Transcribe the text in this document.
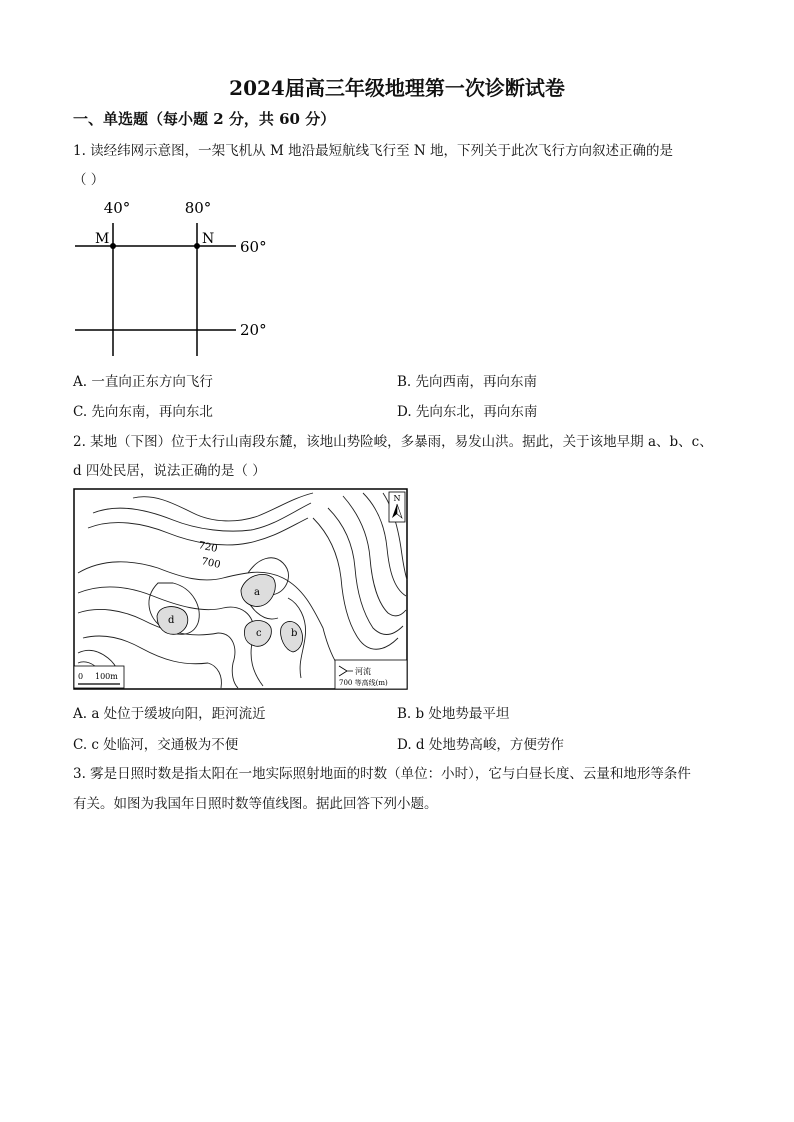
2024届高三年级地理第一次诊断试卷
一、单选题（每小题 2 分，共 60 分）
1. 读经纬网示意图，一架飞机从 M 地沿最短航线飞行至 N 地，下列关于此次飞行方向叙述正确的是
（ ）
40°	80°
M	N 60°
20°
A. 一直向正东方向飞行	B. 先向西南，再向东南
C. 先向东南，再向东北	D. 先向东北，再向东南
2. 某地（下图）位于太行山南段东麓，该地山势险峻，多暴雨，易发山洪。据此，关于该地早期 a、b、c、
d 四处民居，说法正确的是（ ）
720
700
a
b
c
d
N
0 100m
河流
700 等高线(m)
A. a 处位于缓坡向阳，距河流近	B. b 处地势最平坦
C. c 处临河，交通极为不便	D. d 处地势高峻，方便劳作
3. 雾是日照时数是指太阳在一地实际照射地面的时数（单位：小时），它与白昼长度、云量和地形等条件
有关。如图为我国年日照时数等值线图。据此回答下列小题。
